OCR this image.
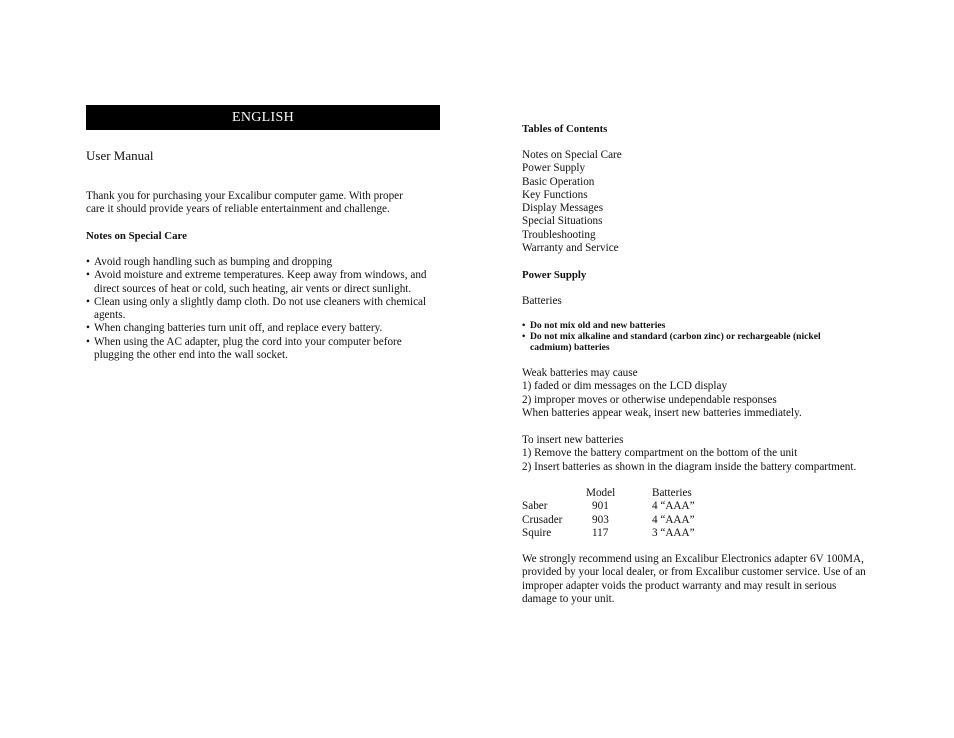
ENGLISH
User Manual

Thank you for purchasing your Excalibur computer game. With proper

care it should provide years of reliable entertainment and challenge.

Notes on Special Care
• Avoid rough handling such as bumping and dropping
• Avoid moisture and extreme temperatures. Keep away from windows, and
direct sources of heat or cold, such heating, air vents or direct sunlight.
• Clean using only a slightly damp cloth. Do not use cleaners with chemical
agents.
• When changing batteries turn unit off, and replace every battery.
• When using the AC adapter, plug the cord into your computer before
plugging the other end into the wall socket.
Tables of Contents
Notes on Special Care
Power Supply
Basic Operation
Key Functions
Display Messages
Special Situations
Troubleshooting
Warranty and Service
Power Supply
Batteries
• Do not mix old and new batteries
• Do not mix alkaline and standard (carbon zinc) or rechargeable (nickel
cadmium) batteries

Weak batteries may cause

1) faded or dim messages on the LCD display

2) improper moves or otherwise undependable responses

When batteries appear weak, insert new batteries immediately.

To insert new batteries

1) Remove the battery compartment on the bottom of the unit

2) Insert batteries as shown in the diagram inside the battery compartment.

	Model	Batteries
Saber	901	4 “AAA”
Crusader	903	4 “AAA”
Squire	117	3 “AAA”

We strongly recommend using an Excalibur Electronics adapter 6V 100MA,

provided by your local dealer, or from Excalibur customer service. Use of an

improper adapter voids the product warranty and may result in serious

damage to your unit.
